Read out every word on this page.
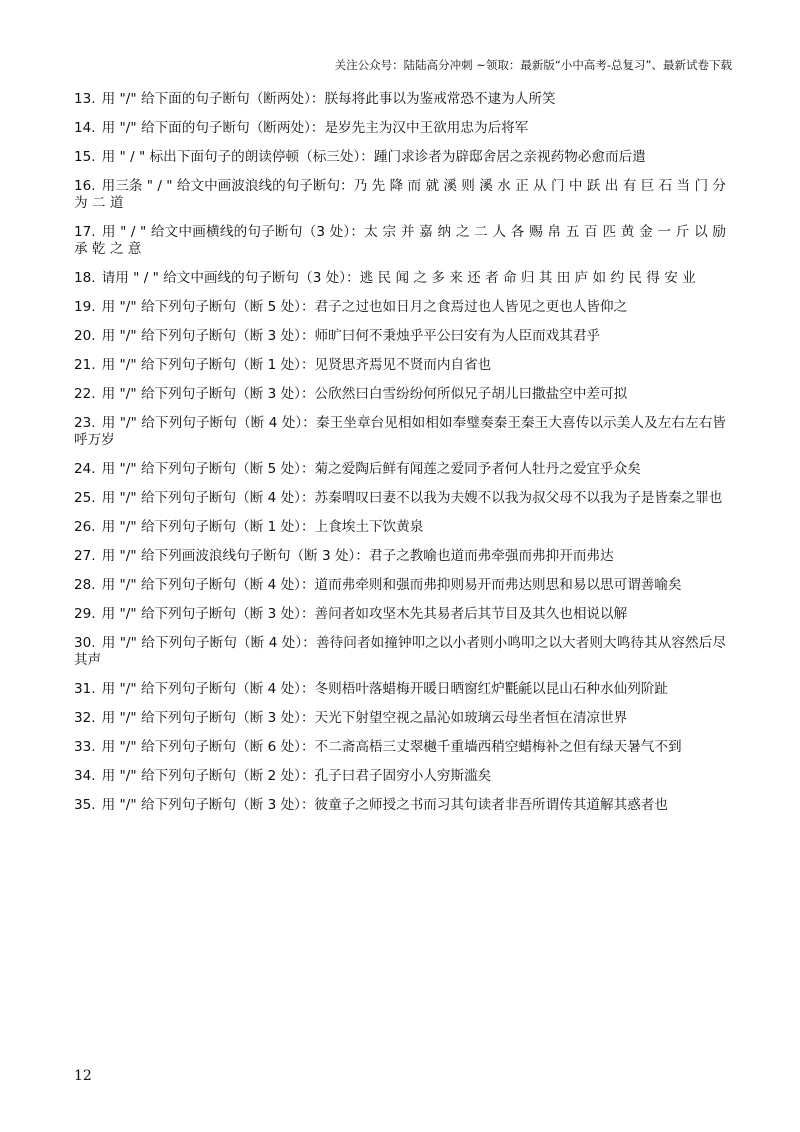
关注公众号：陆陆高分冲刺 ~领取：最新版“小中高考-总复习”、最新试卷下载
13. 用 "/" 给下面的句子断句（断两处）：朕每将此事以为鉴戒常恐不逮为人所笑
14. 用 "/" 给下面的句子断句（断两处）：是岁先主为汉中王欲用忠为后将军
15. 用 " / " 标出下面句子的朗读停顿（标三处）：踵门求诊者为辟邸舍居之亲视药物必愈而后遣
16. 用三条 " / " 给文中画波浪线的句子断句：乃 先 降 而 就 溪 则 溪 水 正 从 门 中 跃 出 有 巨 石 当 门 分 为 二 道
17. 用 " / " 给文中画横线的句子断句（3 处）：太 宗 并 嘉 纳 之 二 人 各 赐 帛 五 百 匹 黄 金 一 斤 以 励 承 乾 之 意
18. 请用 " / " 给文中画线的句子断句（3 处）：逃 民 闻 之 多 来 还 者 命 归 其 田 庐 如 约 民 得 安 业
19. 用 "/" 给下列句子断句（断 5 处）：君子之过也如日月之食焉过也人皆见之更也人皆仰之
20. 用 "/" 给下列句子断句（断 3 处）：师旷曰何不秉烛乎平公曰安有为人臣而戏其君乎
21. 用 "/" 给下列句子断句（断 1 处）：见贤思齐焉见不贤而内自省也
22. 用 "/" 给下列句子断句（断 3 处）：公欣然曰白雪纷纷何所似兄子胡儿曰撒盐空中差可拟
23. 用 "/" 给下列句子断句（断 4 处）：秦王坐章台见相如相如奉璧奏秦王秦王大喜传以示美人及左右左右皆呼万岁
24. 用 "/" 给下列句子断句（断 5 处）：菊之爱陶后鲜有闻莲之爱同予者何人牡丹之爱宜乎众矣
25. 用 "/" 给下列句子断句（断 4 处）：苏秦喟叹曰妻不以我为夫嫂不以我为叔父母不以我为子是皆秦之罪也
26. 用 "/" 给下列句子断句（断 1 处）：上食埃土下饮黄泉
27. 用 "/" 给下列画波浪线句子断句（断 3 处）：君子之教喻也道而弗牵强而弗抑开而弗达
28. 用 "/" 给下列句子断句（断 4 处）：道而弗牵则和强而弗抑则易开而弗达则思和易以思可谓善喻矣
29. 用 "/" 给下列句子断句（断 3 处）：善问者如攻坚木先其易者后其节目及其久也相说以解
30. 用 "/" 给下列句子断句（断 4 处）：善待问者如撞钟叩之以小者则小鸣叩之以大者则大鸣待其从容然后尽其声
31. 用 "/" 给下列句子断句（断 4 处）：冬则梧叶落蜡梅开暖日晒窗红炉氍毹以昆山石种水仙列阶趾
32. 用 "/" 给下列句子断句（断 3 处）：天光下射望空视之晶沁如玻璃云母坐者恒在清凉世界
33. 用 "/" 给下列句子断句（断 6 处）：不二斋高梧三丈翠樾千重墙西稍空蜡梅补之但有绿天暑气不到
34. 用 "/" 给下列句子断句（断 2 处）：孔子曰君子固穷小人穷斯滥矣
35. 用 "/" 给下列句子断句（断 3 处）：彼童子之师授之书而习其句读者非吾所谓传其道解其惑者也
12
